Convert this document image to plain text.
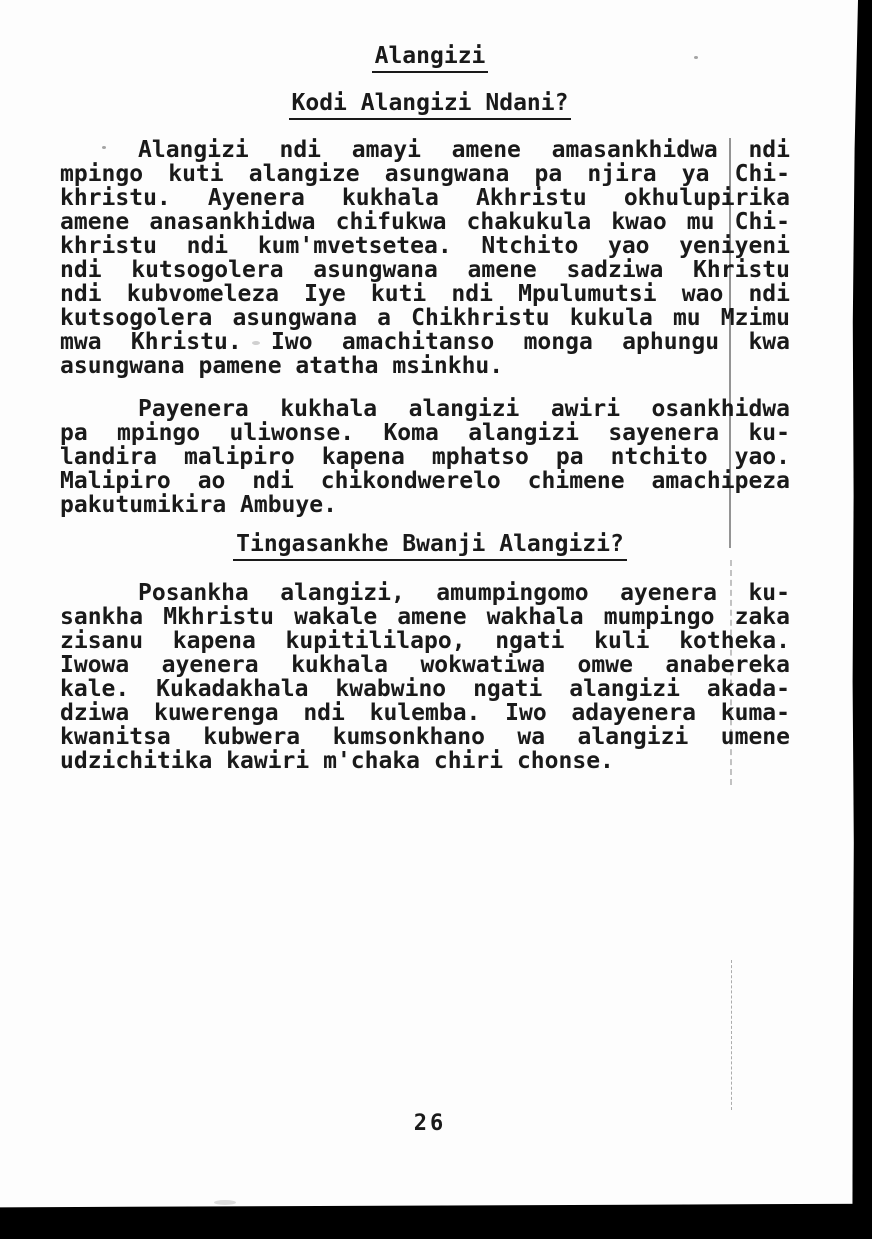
Alangizi
Kodi Alangizi Ndani?
Alangizi ndi amayi amene amasankhidwa ndi
mpingo kuti alangize asungwana pa njira ya Chi-
khristu. Ayenera kukhala Akhristu okhulupirika
amene anasankhidwa chifukwa chakukula kwao mu Chi-
khristu ndi kum'mvetsetea. Ntchito yao yeniyeni
ndi kutsogolera asungwana amene sadziwa Khristu
ndi kubvomeleza Iye kuti ndi Mpulumutsi wao ndi
kutsogolera asungwana a Chikhristu kukula mu Mzimu
mwa Khristu. Iwo amachitanso monga aphungu kwa
asungwana pamene atatha msinkhu.
Payenera kukhala alangizi awiri osankhidwa
pa mpingo uliwonse. Koma alangizi sayenera ku-
landira malipiro kapena mphatso pa ntchito yao.
Malipiro ao ndi chikondwerelo chimene amachipeza
pakutumikira Ambuye.
Tingasankhe Bwanji Alangizi?
Posankha alangizi, amumpingomo ayenera ku-
sankha Mkhristu wakale amene wakhala mumpingo zaka
zisanu kapena kupitililapo, ngati kuli kotheka.
Iwowa ayenera kukhala wokwatiwa omwe anabereka
kale. Kukadakhala kwabwino ngati alangizi akada-
dziwa kuwerenga ndi kulemba. Iwo adayenera kuma-
kwanitsa kubwera kumsonkhano wa alangizi umene
udzichitika kawiri m'chaka chiri chonse.
26
